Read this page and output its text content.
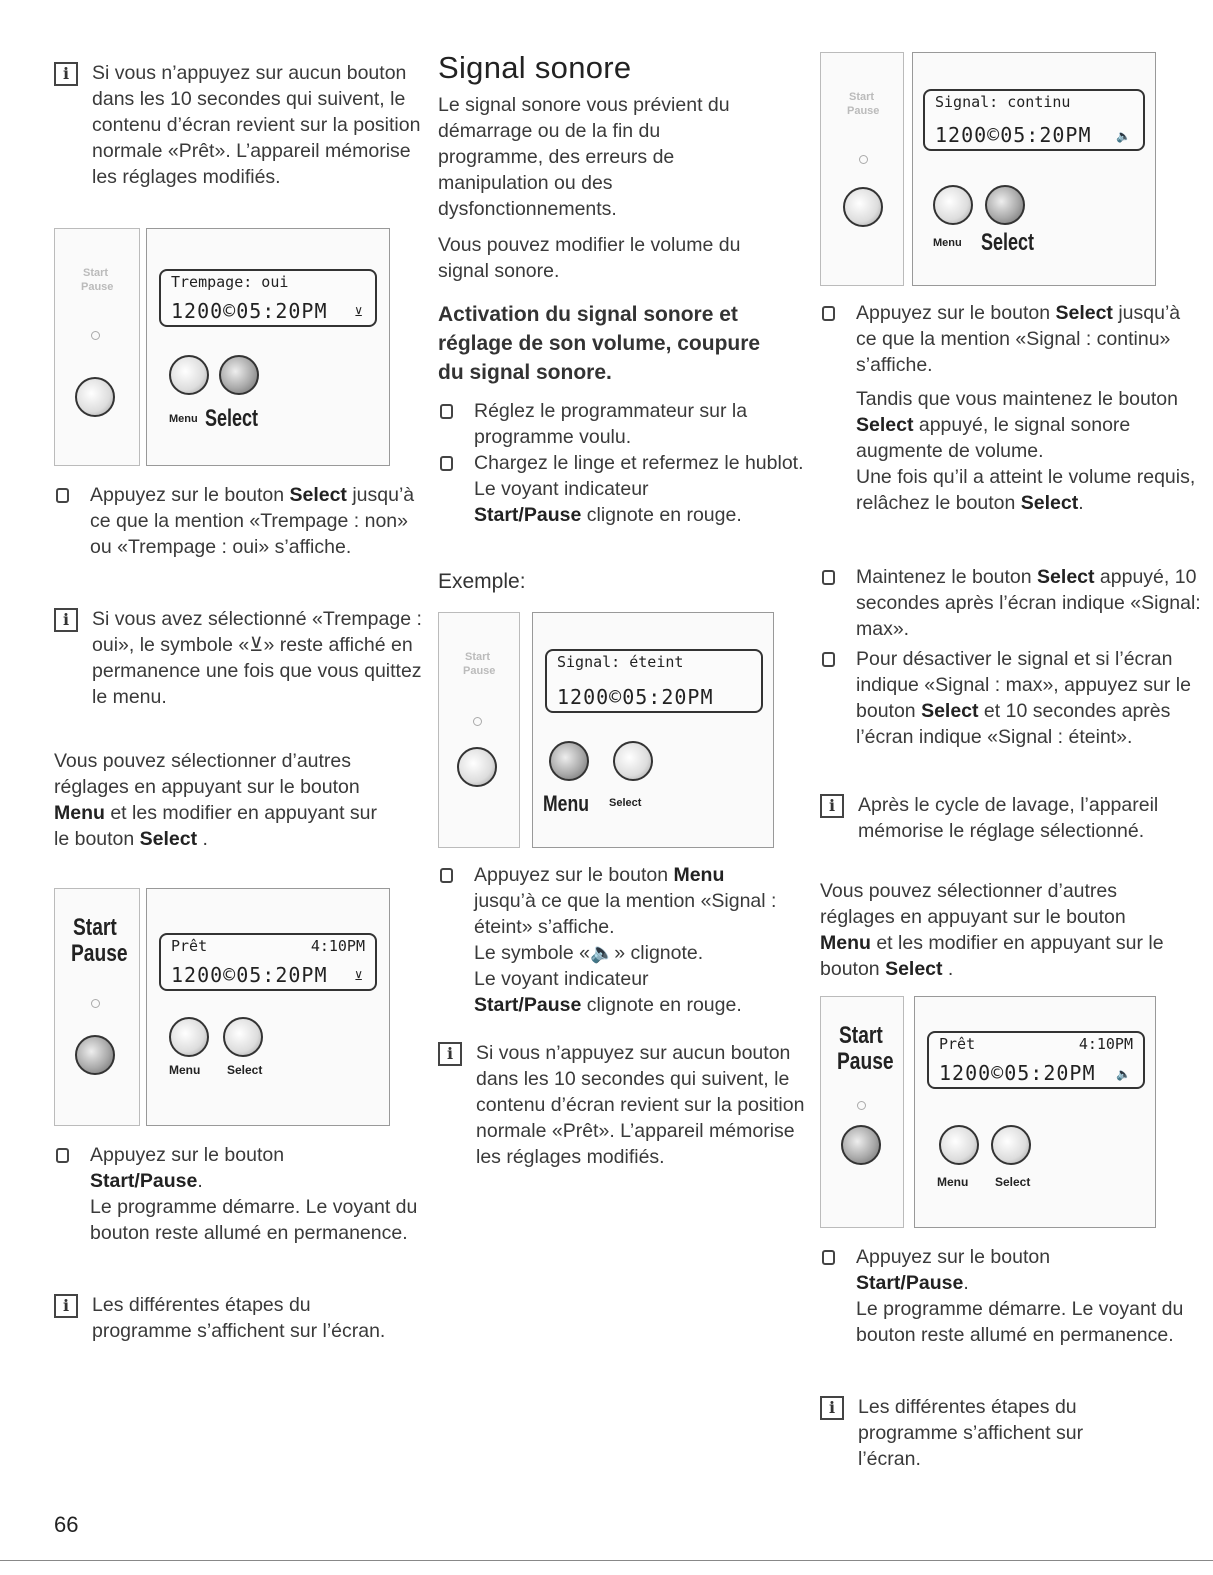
i	Si vous n’appuyez sur aucun bouton dans les 10 secondes qui suivent, le contenu d’écran revient sur la position normale «Prêt». L’appareil mémorise les réglages modifiés.
Start
Pause	Trempage: oui
1200©05:20PM ⊻
Menu Select
Appuyez sur le bouton Select jusqu’à ce que la mention «Trempage : non» ou «Trempage : oui» s’affiche.
i	Si vous avez sélectionné «Trempage : oui», le symbole «⊻» reste affiché en permanence une fois que vous quittez le menu.
Vous pouvez sélectionner d’autres réglages en appuyant sur le bouton Menu et les modifier en appuyant sur le bouton Select .
Start
Pause	Prêt	4:10PM
1200©05:20PM ⊻
Menu Select
Appuyez sur le bouton
Start/Pause.
Le programme démarre. Le voyant du bouton reste allumé en permanence.
i	Les différentes étapes du programme s’affichent sur l’écran.
Signal sonore
Le signal sonore vous prévient du démarrage ou de la fin du programme, des erreurs de manipulation ou des dysfonctionnements.
Vous pouvez modifier le volume du signal sonore.
Activation du signal sonore et réglage de son volume, coupure du signal sonore.
Réglez le programmateur sur la programme voulu.
Chargez le linge et refermez le hublot.
Le voyant indicateur
Start/Pause clignote en rouge.
Exemple:
Start
Pause	Signal: éteint
1200©05:20PM
Menu Select
Appuyez sur le bouton Menu
jusqu’à ce que la mention «Signal : éteint» s’affiche.
Le symbole «🔈» clignote.
Le voyant indicateur
Start/Pause clignote en rouge.
i	Si vous n’appuyez sur aucun bouton dans les 10 secondes qui suivent, le contenu d’écran revient sur la position normale «Prêt». L’appareil mémorise les réglages modifiés.
Start
Pause	Signal: continu
1200©05:20PM 🔈
Menu Select
Appuyez sur le bouton Select jusqu’à ce que la mention «Signal : continu» s’affiche.
Tandis que vous maintenez le bouton Select appuyé, le signal sonore augmente de volume.
Une fois qu’il a atteint le volume requis, relâchez le bouton Select.
Maintenez le bouton Select appuyé, 10 secondes après l’écran indique «Signal: max».
Pour désactiver le signal et si l’écran indique «Signal : max», appuyez sur le bouton Select et 10 secondes après l’écran indique «Signal : éteint».
i	Après le cycle de lavage, l’appareil mémorise le réglage sélectionné.
Vous pouvez sélectionner d’autres réglages en appuyant sur le bouton Menu et les modifier en appuyant sur le bouton Select .
Start
Pause
Prêt	4:10PM
1200©05:20PM 🔈
Menu Select
Appuyez sur le bouton
Start/Pause.
Le programme démarre. Le voyant du bouton reste allumé en permanence.
i	Les différentes étapes du programme s’affichent sur l’écran.
66
